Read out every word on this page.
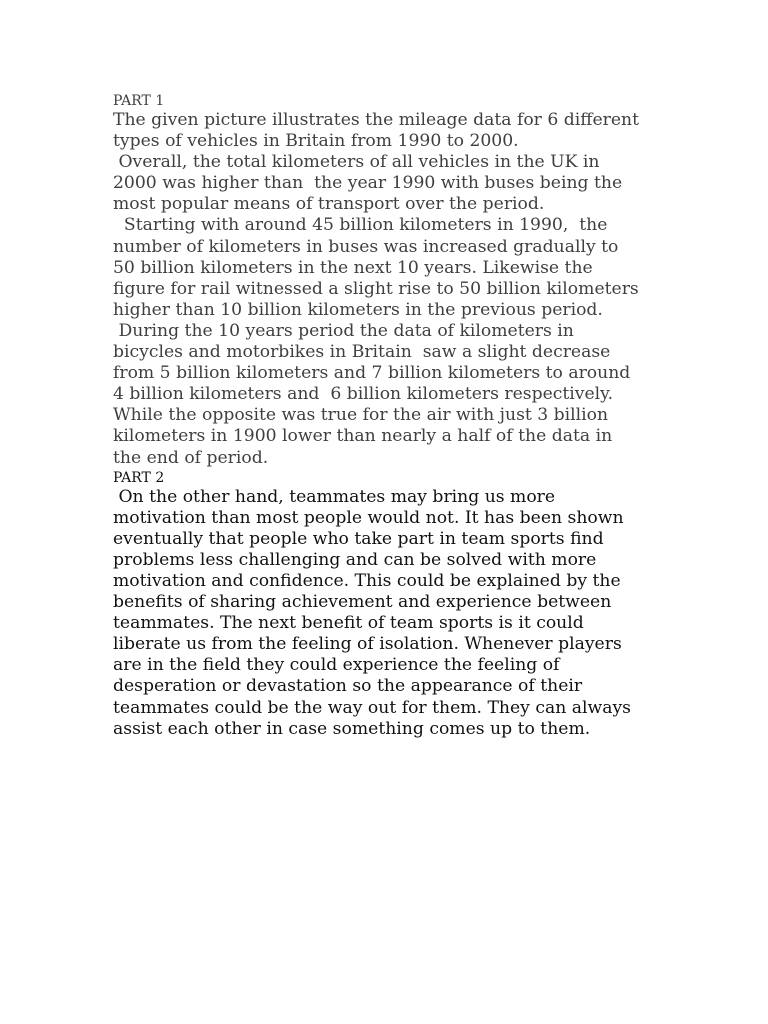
PART 1
The given picture illustrates the mileage data for 6 different
types of vehicles in Britain from 1990 to 2000.
Overall, the total kilometers of all vehicles in the UK in
2000 was higher than  the year 1990 with buses being the
most popular means of transport over the period.
Starting with around 45 billion kilometers in 1990,  the
number of kilometers in buses was increased gradually to
50 billion kilometers in the next 10 years. Likewise the
figure for rail witnessed a slight rise to 50 billion kilometers
higher than 10 billion kilometers in the previous period.
During the 10 years period the data of kilometers in
bicycles and motorbikes in Britain  saw a slight decrease
from 5 billion kilometers and 7 billion kilometers to around
4 billion kilometers and  6 billion kilometers respectively.
While the opposite was true for the air with just 3 billion
kilometers in 1900 lower than nearly a half of the data in
the end of period.
PART 2
On the other hand, teammates may bring us more
motivation than most people would not. It has been shown
eventually that people who take part in team sports find
problems less challenging and can be solved with more
motivation and confidence. This could be explained by the
benefits of sharing achievement and experience between
teammates. The next benefit of team sports is it could
liberate us from the feeling of isolation. Whenever players
are in the field they could experience the feeling of
desperation or devastation so the appearance of their
teammates could be the way out for them. They can always
assist each other in case something comes up to them.
